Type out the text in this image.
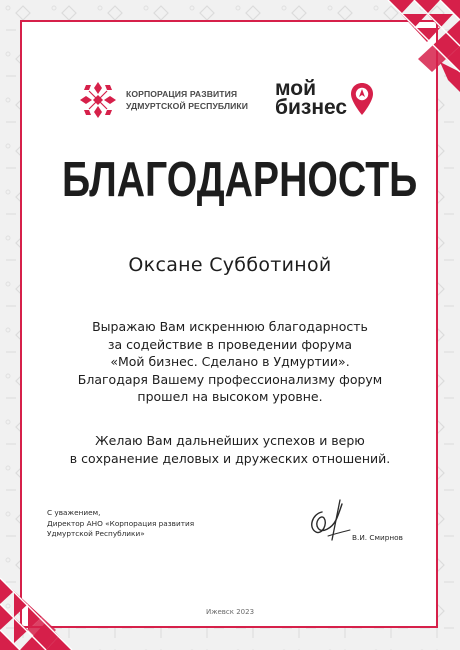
КОРПОРАЦИЯ РАЗВИТИЯ
УДМУРТСКОЙ РЕСПУБЛИКИ
мой
бизнес
БЛАГОДАРНОСТЬ
Оксане Субботиной
Выражаю Вам искреннюю благодарность
за содействие в проведении форума
«Мой бизнес. Сделано в Удмуртии».
Благодаря Вашему профессионализму форум
прошел на высоком уровне.
Желаю Вам дальнейших успехов и верю
в сохранение деловых и дружеских отношений.
С уважением,
Директор АНО «Корпорация развития
Удмуртской Республики»	В.И. Смирнов
Ижевск 2023
